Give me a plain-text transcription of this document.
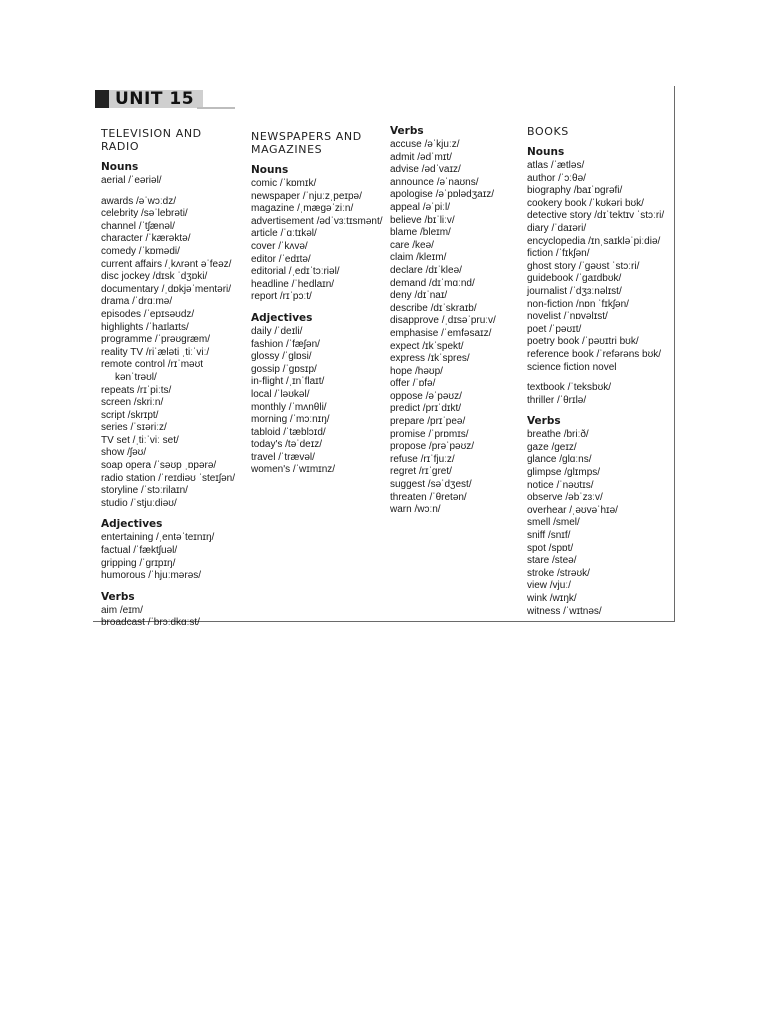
UNIT 15
TELEVISION AND RADIO
Nouns
aerial /ˈeəriəl/
awards /əˈwɔːdz/
celebrity /səˈlebrəti/
channel /ˈtʃænəl/
character /ˈkærəktə/
comedy /ˈkɒmədi/
current affairs /ˌkʌrənt əˈfeəz/
disc jockey /dɪsk ˈdʒɒki/
documentary /ˌdɒkjəˈmentəri/
drama /ˈdrɑːmə/
episodes /ˈepɪsəʊdz/
highlights /ˈhaɪlaɪts/
programme /ˈprəʊɡræm/
reality TV /riˈæləti ˌtiːˈviː/
remote control /rɪˈməʊt
kənˈtrəʊl/
repeats /rɪˈpiːts/
screen /skriːn/
script /skrɪpt/
series /ˈsɪəriːz/
TV set /ˌtiːˈviː set/
show /ʃəʊ/
soap opera /ˈsəʊp ˌɒpərə/
radio station /ˈreɪdiəʊ ˈsteɪʃən/
storyline /ˈstɔːrilaɪn/
studio /ˈstjuːdiəʊ/
Adjectives
entertaining /ˌentəˈteɪnɪŋ/
factual /ˈfæktʃuəl/
gripping /ˈɡrɪpɪŋ/
humorous /ˈhjuːmərəs/
Verbs
aim /eɪm/
broadcast /ˈbrɔːdkɑːst/
NEWSPAPERS AND MAGAZINES
Nouns
comic /ˈkɒmɪk/
newspaper /ˈnjuːzˌpeɪpə/
magazine /ˌmæɡəˈziːn/
advertisement /ədˈvɜːtɪsmənt/
article /ˈɑːtɪkəl/
cover /ˈkʌvə/
editor /ˈedɪtə/
editorial /ˌedɪˈtɔːriəl/
headline /ˈhedlaɪn/
report /rɪˈpɔːt/
Adjectives
daily /ˈdeɪli/
fashion /ˈfæʃən/
glossy /ˈɡlɒsi/
gossip /ˈɡɒsɪp/
in-flight /ˌɪnˈflaɪt/
local /ˈləʊkəl/
monthly /ˈmʌnθli/
morning /ˈmɔːnɪŋ/
tabloid /ˈtæblɔɪd/
today's /təˈdeɪz/
travel /ˈtrævəl/
women's /ˈwɪmɪnz/
Verbs
accuse /əˈkjuːz/
admit /ədˈmɪt/
advise /ədˈvaɪz/
announce /əˈnaʊns/
apologise /əˈpɒlədʒaɪz/
appeal /əˈpiːl/
believe /bɪˈliːv/
blame /bleɪm/
care /keə/
claim /kleɪm/
declare /dɪˈkleə/
demand /dɪˈmɑːnd/
deny /dɪˈnaɪ/
describe /dɪˈskraɪb/
disapprove /ˌdɪsəˈpruːv/
emphasise /ˈemfəsaɪz/
expect /ɪkˈspekt/
express /ɪkˈspres/
hope /həʊp/
offer /ˈɒfə/
oppose /əˈpəʊz/
predict /prɪˈdɪkt/
prepare /prɪˈpeə/
promise /ˈprɒmɪs/
propose /prəˈpəʊz/
refuse /rɪˈfjuːz/
regret /rɪˈɡret/
suggest /səˈdʒest/
threaten /ˈθretən/
warn /wɔːn/
BOOKS
Nouns
atlas /ˈætləs/
author /ˈɔːθə/
biography /baɪˈɒɡrəfi/
cookery book /ˈkʊkəri bʊk/
detective story /dɪˈtektɪv ˈstɔːri/
diary /ˈdaɪəri/
encyclopedia /ɪnˌsaɪkləˈpiːdiə/
fiction /ˈfɪkʃən/
ghost story /ˈɡəʊst ˈstɔːri/
guidebook /ˈɡaɪdbʊk/
journalist /ˈdʒɜːnəlɪst/
non-fiction /nɒn ˈfɪkʃən/
novelist /ˈnɒvəlɪst/
poet /ˈpəʊɪt/
poetry book /ˈpəʊɪtri bʊk/
reference book /ˈrefərəns bʊk/
science fiction novel
textbook /ˈteksbʊk/
thriller /ˈθrɪlə/
Verbs
breathe /briːð/
gaze /ɡeɪz/
glance /ɡlɑːns/
glimpse /ɡlɪmps/
notice /ˈnəʊtɪs/
observe /əbˈzɜːv/
overhear /ˌəʊvəˈhɪə/
smell /smel/
sniff /snɪf/
spot /spɒt/
stare /steə/
stroke /strəʊk/
view /vjuː/
wink /wɪŋk/
witness /ˈwɪtnəs/
